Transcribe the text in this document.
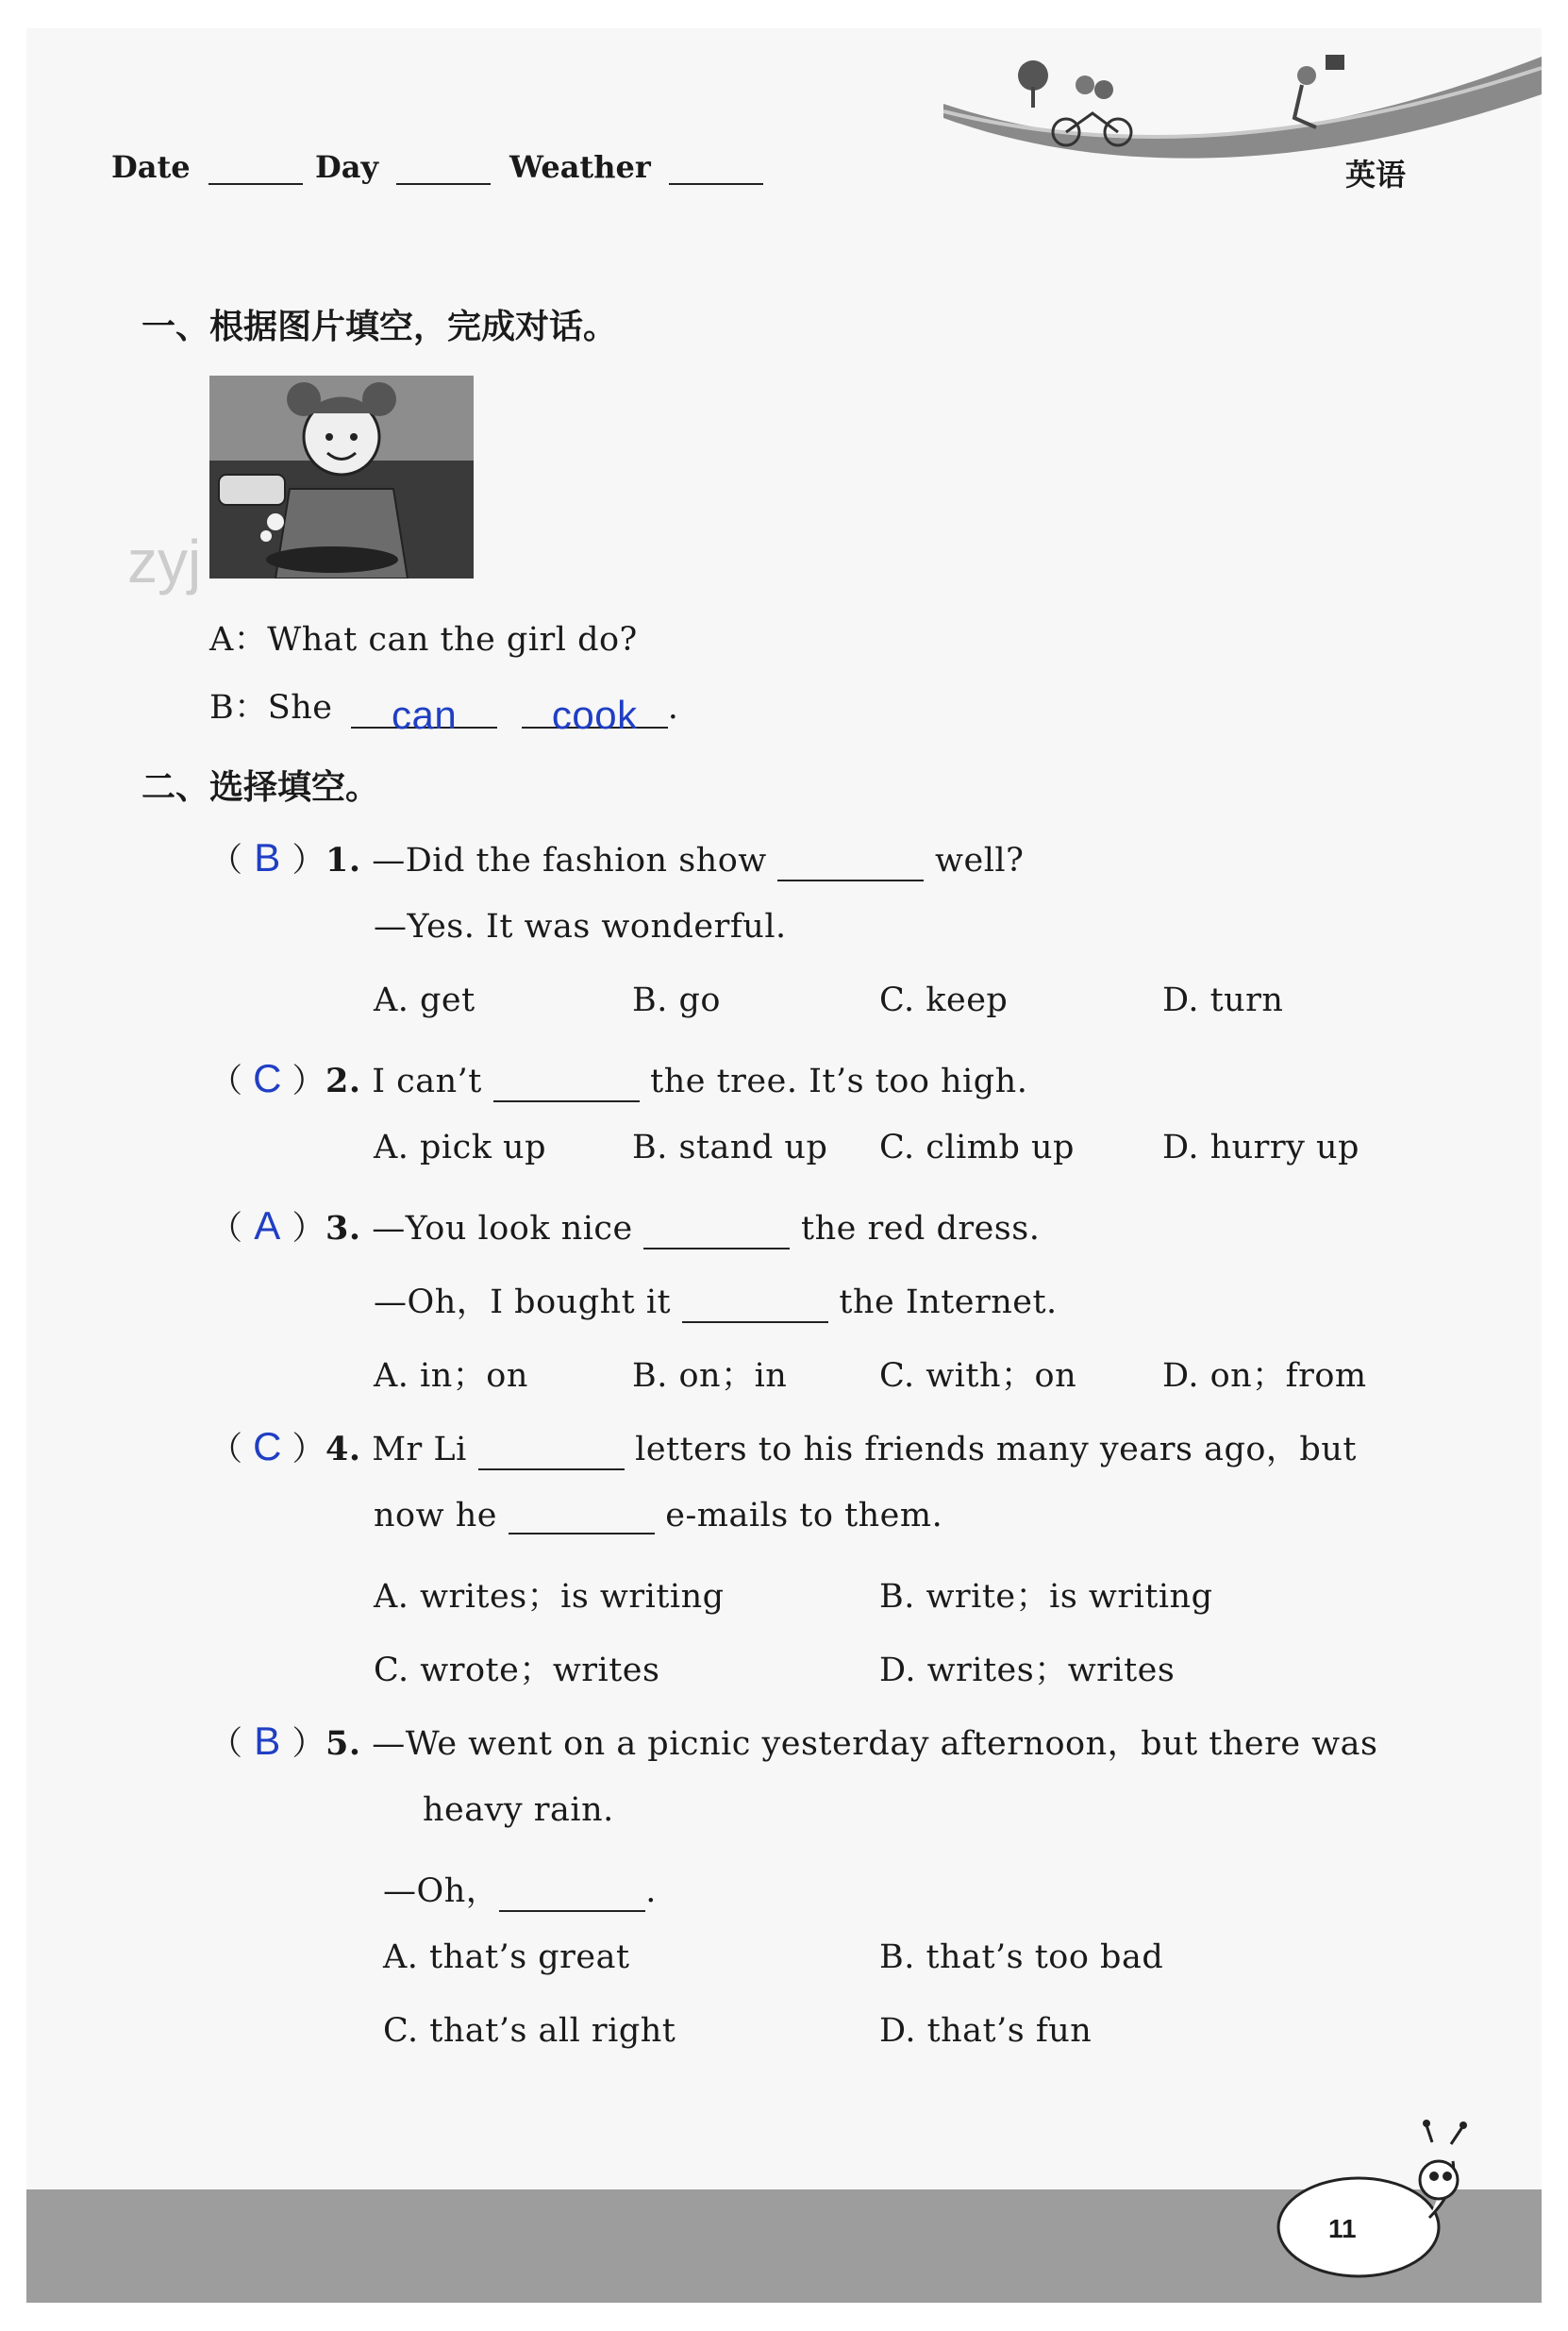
Date	Day	Weather	英语
一、根据图片填空，完成对话。
zyj
A：What can the girl do?
B：She can cook .
二、选择填空。
（ B ）1. —Did the fashion show	well?
—Yes. It was wonderful.
A. get	B. go	C. keep	D. turn
（ C ）2. I can’t	the tree. It’s too high.
A. pick up	B. stand up C. climb up	D. hurry up
（ A ）3. —You look nice	the red dress.
—Oh，I bought it	the Internet.
A. in；on	B. on；in	C. with；on	D. on；from
（ C ）4. Mr Li	letters to his friends many years ago，but
now he	e-mails to them.
A. writes；is writing	B. write；is writing
C. wrote；writes	D. writes；writes
（ B ）5. —We went on a picnic yesterday afternoon，but there was
heavy rain.
—Oh，	.
A. that’s great	B. that’s too bad
C. that’s all right	D. that’s fun
11
